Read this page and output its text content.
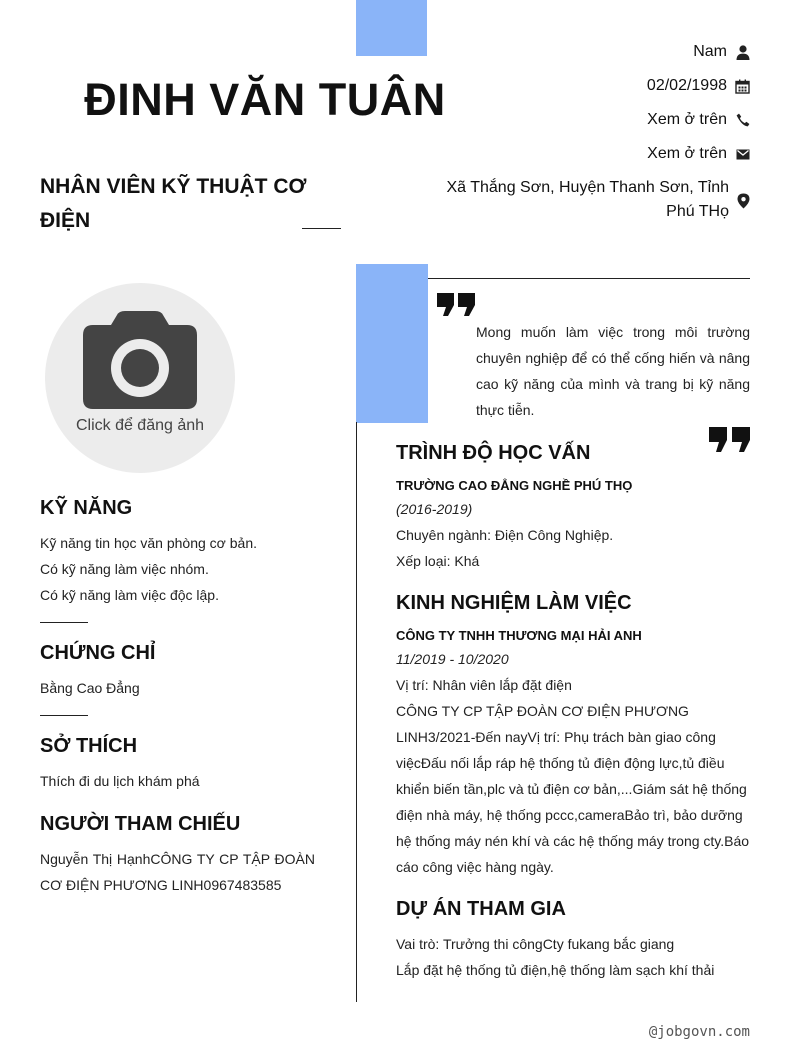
ĐINH VĂN TUÂN
NHÂN VIÊN KỸ THUẬT CƠ ĐIỆN
Nam
02/02/1998
Xem ở trên
Xem ở trên
Xã Thắng Sơn, Huyện Thanh Sơn, Tỉnh Phú THọ
Click để đăng ảnh
KỸ NĂNG
Kỹ năng tin học văn phòng cơ bản.
Có kỹ năng làm việc nhóm.
Có kỹ năng làm việc độc lập.
CHỨNG CHỈ
Bằng Cao Đẳng
SỞ THÍCH
Thích đi du lịch khám phá
NGƯỜI THAM CHIẾU
Nguyễn Thị HạnhCÔNG TY CP TẬP ĐOÀN CƠ ĐIỆN PHƯƠNG LINH0967483585
Mong muốn làm việc trong môi trường chuyên nghiệp để có thể cống hiến và nâng cao kỹ năng của mình và trang bị kỹ năng thực tiễn.
TRÌNH ĐỘ HỌC VẤN
TRƯỜNG CAO ĐẲNG NGHỀ PHÚ THỌ
(2016-2019)
Chuyên ngành: Điện Công Nghiệp.
Xếp loại: Khá
KINH NGHIỆM LÀM VIỆC
CÔNG TY TNHH THƯƠNG MẠI HẢI ANH
11/2019 - 10/2020
Vị trí: Nhân viên lắp đặt điện
CÔNG TY CP TẬP ĐOÀN CƠ ĐIỆN PHƯƠNG LINH3/2021-Đến nayVị trí: Phụ trách bàn giao công việcĐấu nối lắp ráp hệ thống tủ điện động lực,tủ điều khiển biến tần,plc và tủ điện cơ bản,...Giám sát hệ thống điện nhà máy, hệ thống pccc,cameraBảo trì, bảo dưỡng hệ thống máy nén khí và các hệ thống máy trong cty.Báo cáo công việc hàng ngày.
DỰ ÁN THAM GIA
Vai trò: Trưởng thi côngCty fukang bắc giang
Lắp đặt hệ thống tủ điện,hệ thống làm sạch khí thải
@jobgovn.com
